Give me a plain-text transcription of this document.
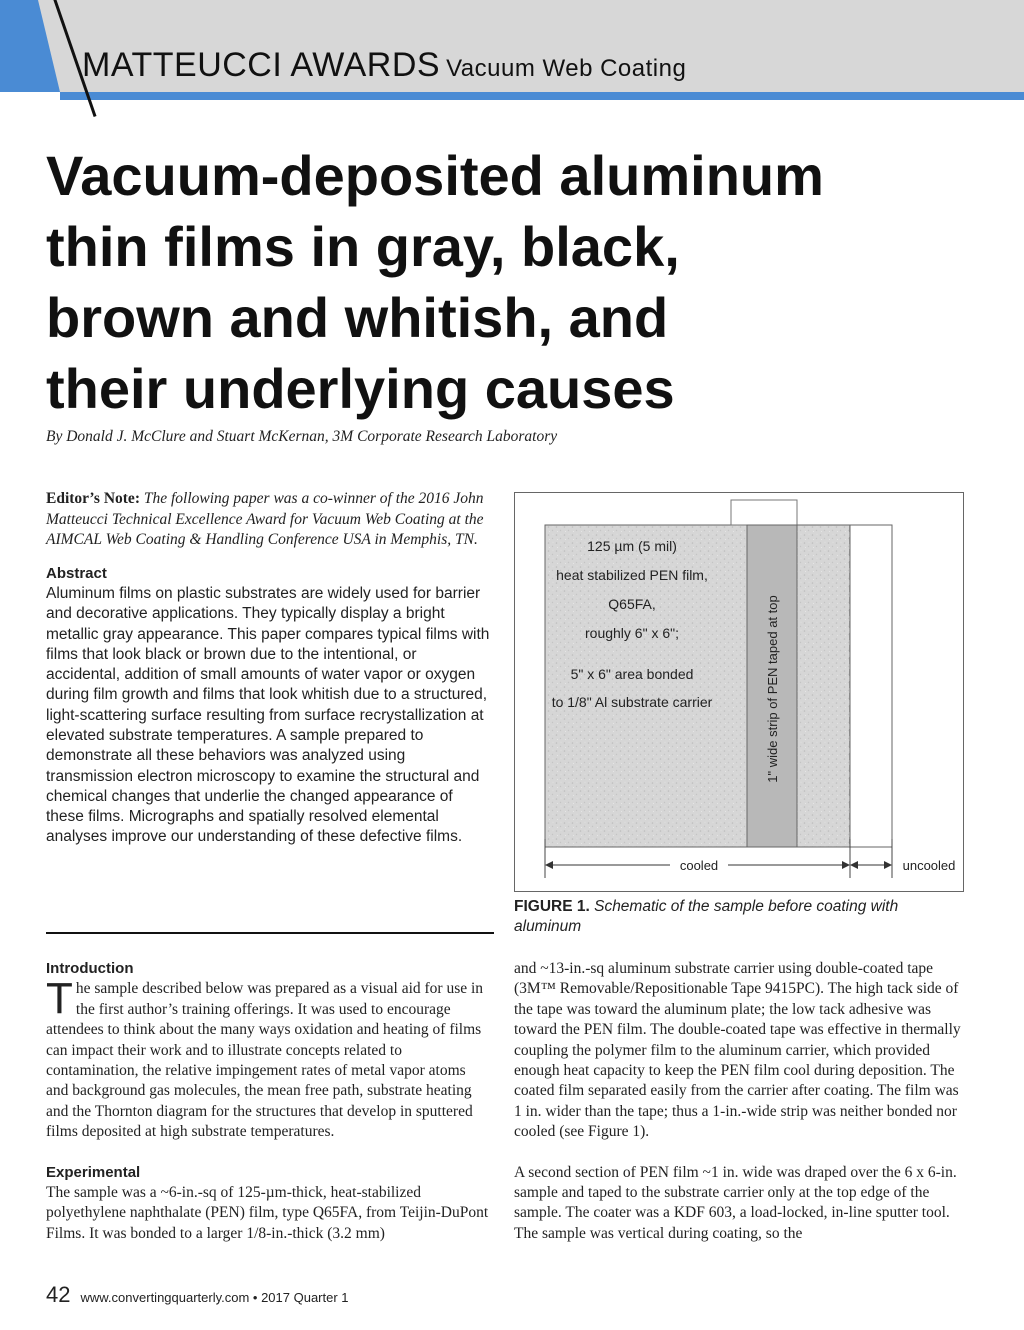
MATTEUCCI AWARDS Vacuum Web Coating
Vacuum-deposited aluminum
thin films in gray, black,
brown and whitish, and
their underlying causes
By Donald J. McClure and Stuart McKernan, 3M Corporate Research Laboratory

Editor’s Note: The following paper was a co-winner of the 2016 John Matteucci Technical Excellence Award for Vacuum Web Coating at the AIMCAL Web Coating & Handling Conference USA in Memphis, TN.

Abstract

Aluminum films on plastic substrates are widely used for barrier and decorative applications. They typically display a bright metallic gray appearance. This paper compares typical films with films that look black or brown due to the intentional, or accidental, addition of small amounts of water vapor or oxygen during film growth and films that look whitish due to a structured, light-scattering surface resulting from surface recrystallization at elevated substrate temperatures. A sample prepared to demonstrate all these behaviors was analyzed using transmission electron microscopy to examine the structural and chemical changes that underlie the changed appearance of these films. Micrographs and spatially resolved elemental analyses improve our understanding of these defective films.

Introduction

The sample described below was prepared as a visual aid for use in the first author’s training offerings. It was used to encourage attendees to think about the many ways oxidation and heating of films can impact their work and to illustrate concepts related to contamination, the relative impingement rates of metal vapor atoms and background gas molecules, the mean free path, substrate heating and the Thornton diagram for the structures that develop in sputtered films deposited at high substrate temperatures.

Experimental

The sample was a ~6-in.-sq of 125-µm-thick, heat-stabilized polyethylene naphthalate (PEN) film, type Q65FA, from Teijin-DuPont Films. It was bonded to a larger 1/8-in.-thick (3.2 mm)

125 µm (5 mil)
heat stabilized PEN film,
Q65FA,
roughly 6" x 6";
5" x 6" area bonded
to 1/8" Al substrate carrier	1" wide strip of PEN taped at top
cooled	uncooled
FIGURE 1. Schematic of the sample before coating with aluminum

and ~13-in.-sq aluminum substrate carrier using double-coated tape (3M™ Removable/Repositionable Tape 9415PC). The high tack side of the tape was toward the aluminum plate; the low tack adhesive was toward the PEN film. The double-coated tape was effective in thermally coupling the polymer film to the aluminum carrier, which provided enough heat capacity to keep the PEN film cool during deposition. The coated film separated easily from the carrier after coating. The film was 1 in. wider than the tape; thus a 1-in.-wide strip was neither bonded nor cooled (see Figure 1).

A second section of PEN film ~1 in. wide was draped over the 6 x 6-in. sample and taped to the substrate carrier only at the top edge of the sample. The coater was a KDF 603, a load-locked, in-line sputter tool. The sample was vertical during coating, so the

42 www.convertingquarterly.com • 2017 Quarter 1
